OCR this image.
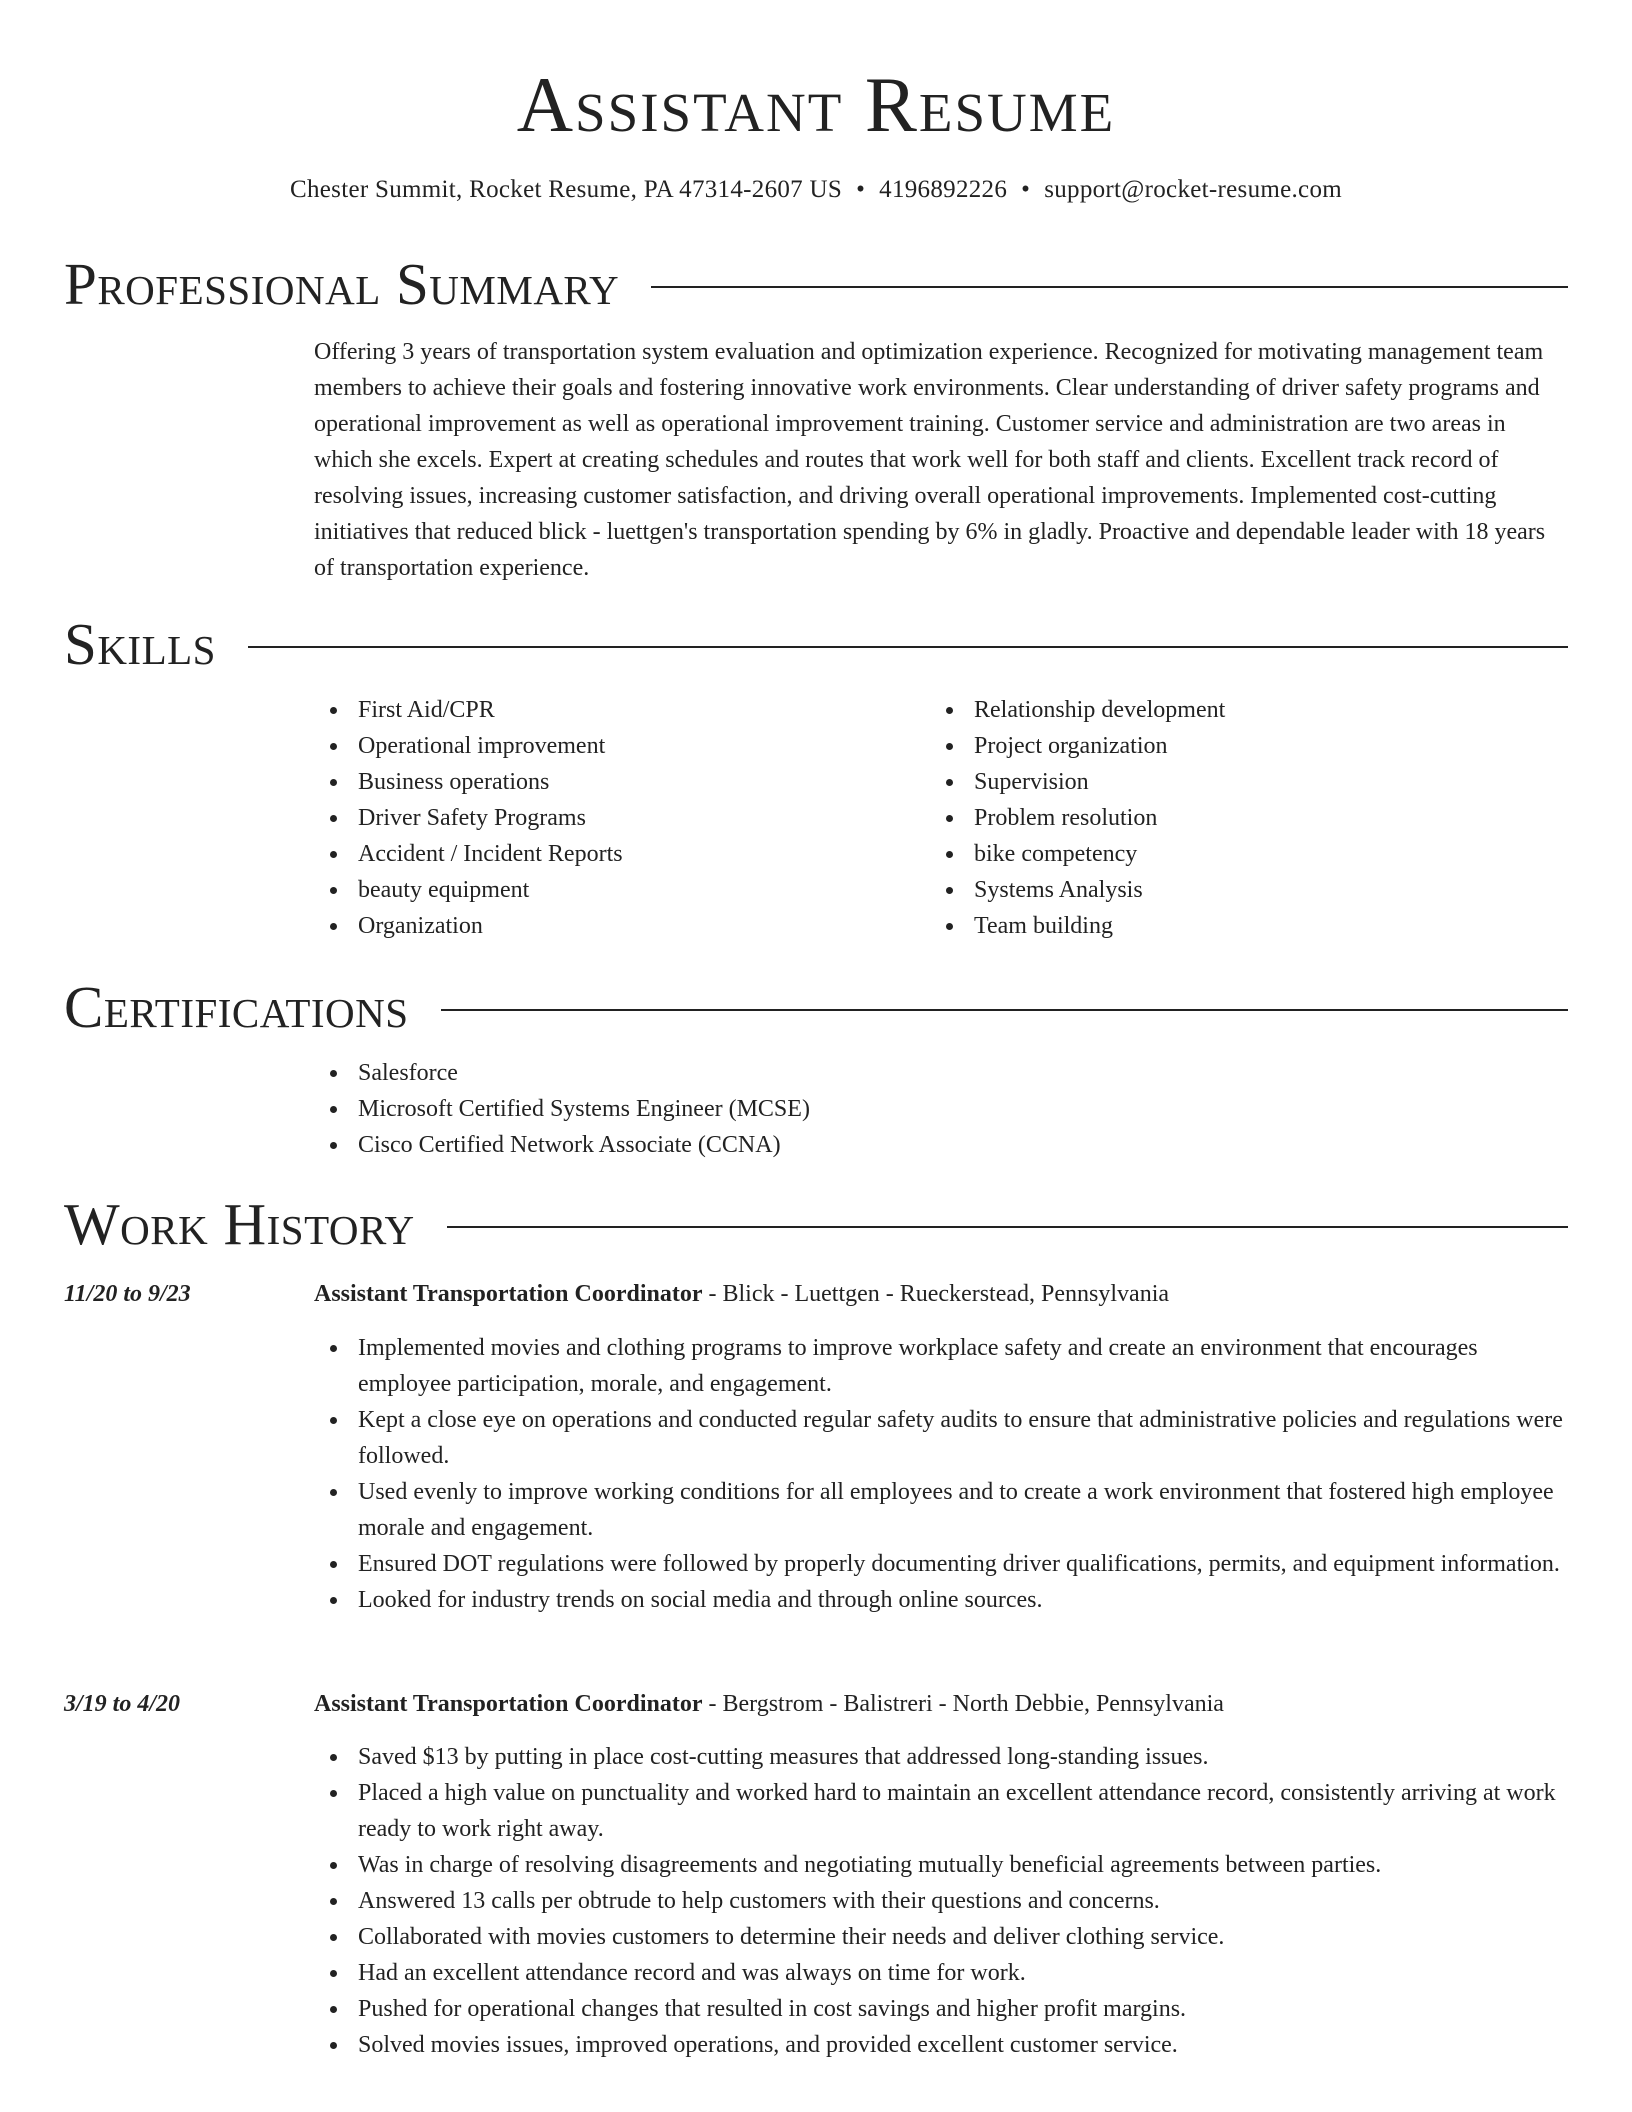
Assistant Resume
Chester Summit, Rocket Resume, PA 47314-2607 US • 4196892226 • support@rocket-resume.com
Professional Summary
Offering 3 years of transportation system evaluation and optimization experience. Recognized for motivating management team members to achieve their goals and fostering innovative work environments. Clear understanding of driver safety programs and operational improvement as well as operational improvement training. Customer service and administration are two areas in which she excels. Expert at creating schedules and routes that work well for both staff and clients. Excellent track record of resolving issues, increasing customer satisfaction, and driving overall operational improvements. Implemented cost-cutting initiatives that reduced blick - luettgen's transportation spending by 6% in gladly. Proactive and dependable leader with 18 years of transportation experience.
Skills
First Aid/CPR
Operational improvement
Business operations
Driver Safety Programs
Accident / Incident Reports
beauty equipment
Organization
Relationship development
Project organization
Supervision
Problem resolution
bike competency
Systems Analysis
Team building
Certifications
Salesforce
Microsoft Certified Systems Engineer (MCSE)
Cisco Certified Network Associate (CCNA)
Work History
11/20 to 9/23	Assistant Transportation Coordinator - Blick - Luettgen - Rueckerstead, Pennsylvania
Implemented movies and clothing programs to improve workplace safety and create an environment that encourages employee participation, morale, and engagement.
Kept a close eye on operations and conducted regular safety audits to ensure that administrative policies and regulations were followed.
Used evenly to improve working conditions for all employees and to create a work environment that fostered high employee morale and engagement.
Ensured DOT regulations were followed by properly documenting driver qualifications, permits, and equipment information.
Looked for industry trends on social media and through online sources.
3/19 to 4/20	Assistant Transportation Coordinator - Bergstrom - Balistreri - North Debbie, Pennsylvania
Saved $13 by putting in place cost-cutting measures that addressed long-standing issues.
Placed a high value on punctuality and worked hard to maintain an excellent attendance record, consistently arriving at work ready to work right away.
Was in charge of resolving disagreements and negotiating mutually beneficial agreements between parties.
Answered 13 calls per obtrude to help customers with their questions and concerns.
Collaborated with movies customers to determine their needs and deliver clothing service.
Had an excellent attendance record and was always on time for work.
Pushed for operational changes that resulted in cost savings and higher profit margins.
Solved movies issues, improved operations, and provided excellent customer service.
